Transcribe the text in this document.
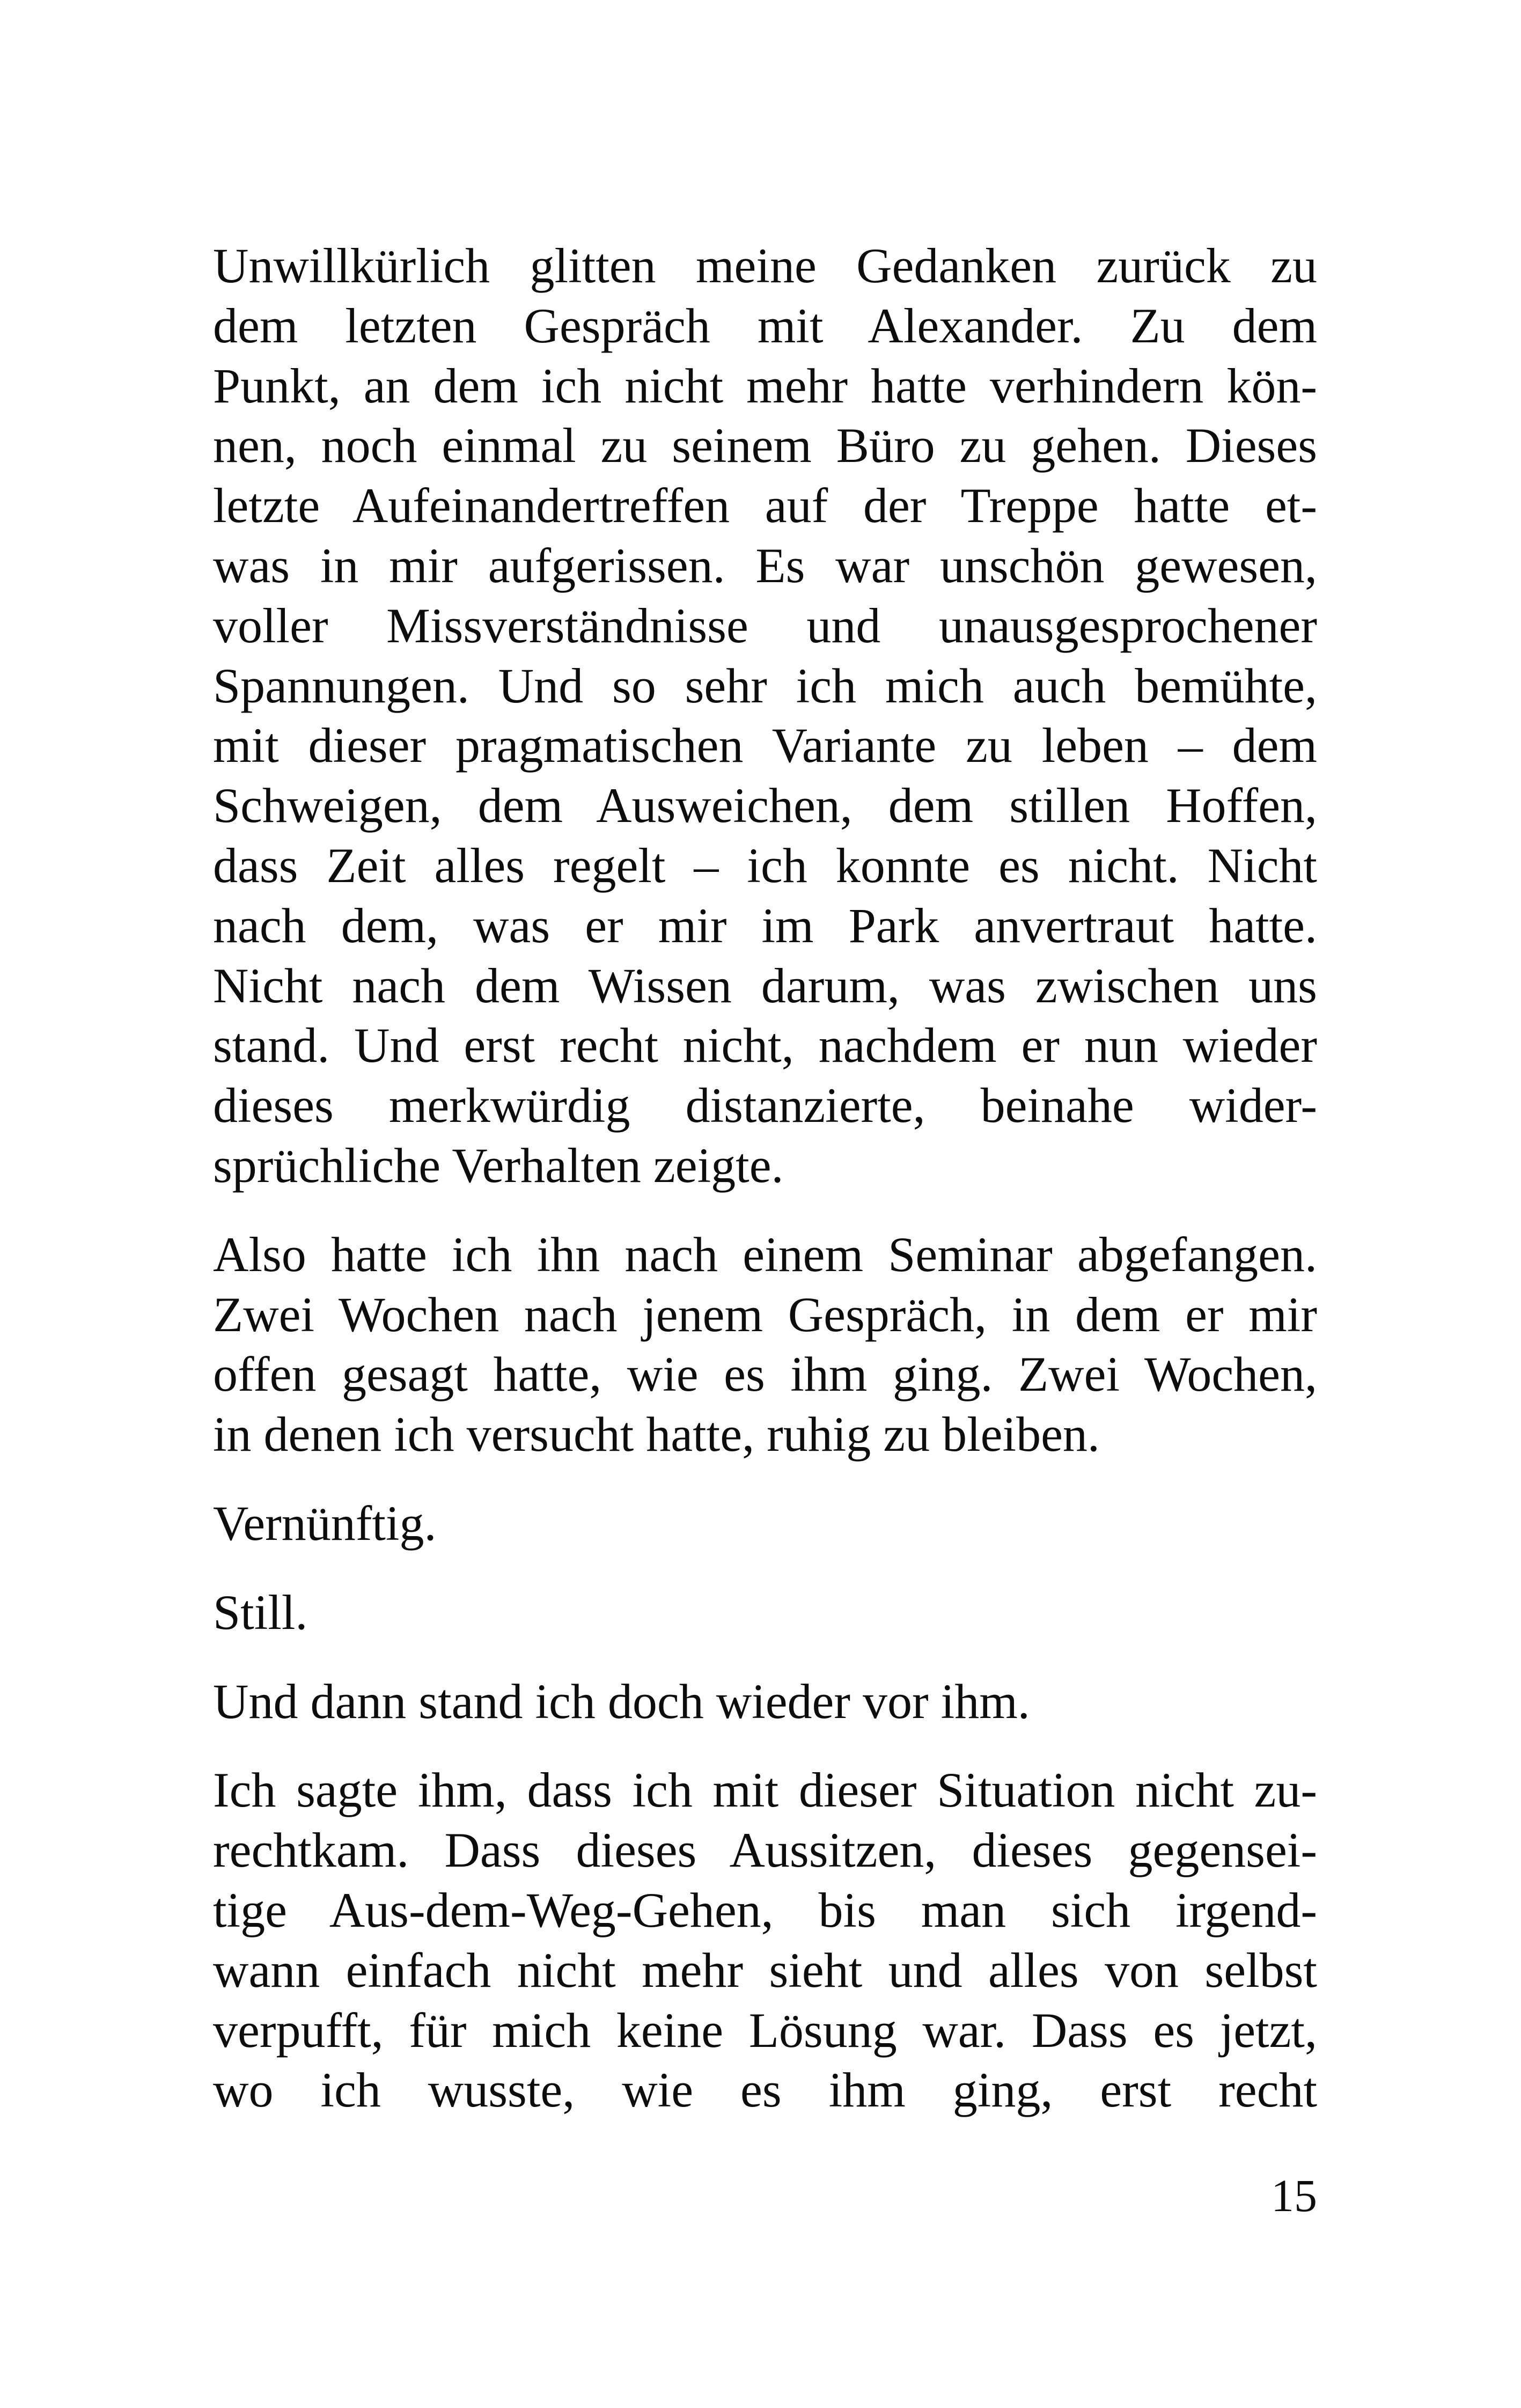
Unwillkürlich glitten meine Gedanken zurück zu
dem letzten Gespräch mit Alexander. Zu dem
Punkt, an dem ich nicht mehr hatte verhindern kön-
nen, noch einmal zu seinem Büro zu gehen. Dieses
letzte Aufeinandertreffen auf der Treppe hatte et-
was in mir aufgerissen. Es war unschön gewesen,
voller Missverständnisse und unausgesprochener
Spannungen. Und so sehr ich mich auch bemühte,
mit dieser pragmatischen Variante zu leben – dem
Schweigen, dem Ausweichen, dem stillen Hoffen,
dass Zeit alles regelt – ich konnte es nicht. Nicht
nach dem, was er mir im Park anvertraut hatte.
Nicht nach dem Wissen darum, was zwischen uns
stand. Und erst recht nicht, nachdem er nun wieder
dieses merkwürdig distanzierte, beinahe wider-
sprüchliche Verhalten zeigte.
Also hatte ich ihn nach einem Seminar abgefangen.
Zwei Wochen nach jenem Gespräch, in dem er mir
offen gesagt hatte, wie es ihm ging. Zwei Wochen,
in denen ich versucht hatte, ruhig zu bleiben.
Vernünftig.
Still.
Und dann stand ich doch wieder vor ihm.
Ich sagte ihm, dass ich mit dieser Situation nicht zu-
rechtkam. Dass dieses Aussitzen, dieses gegensei-
tige Aus-dem-Weg-Gehen, bis man sich irgend-
wann einfach nicht mehr sieht und alles von selbst
verpufft, für mich keine Lösung war. Dass es jetzt,
wo ich wusste, wie es ihm ging, erst recht
15
